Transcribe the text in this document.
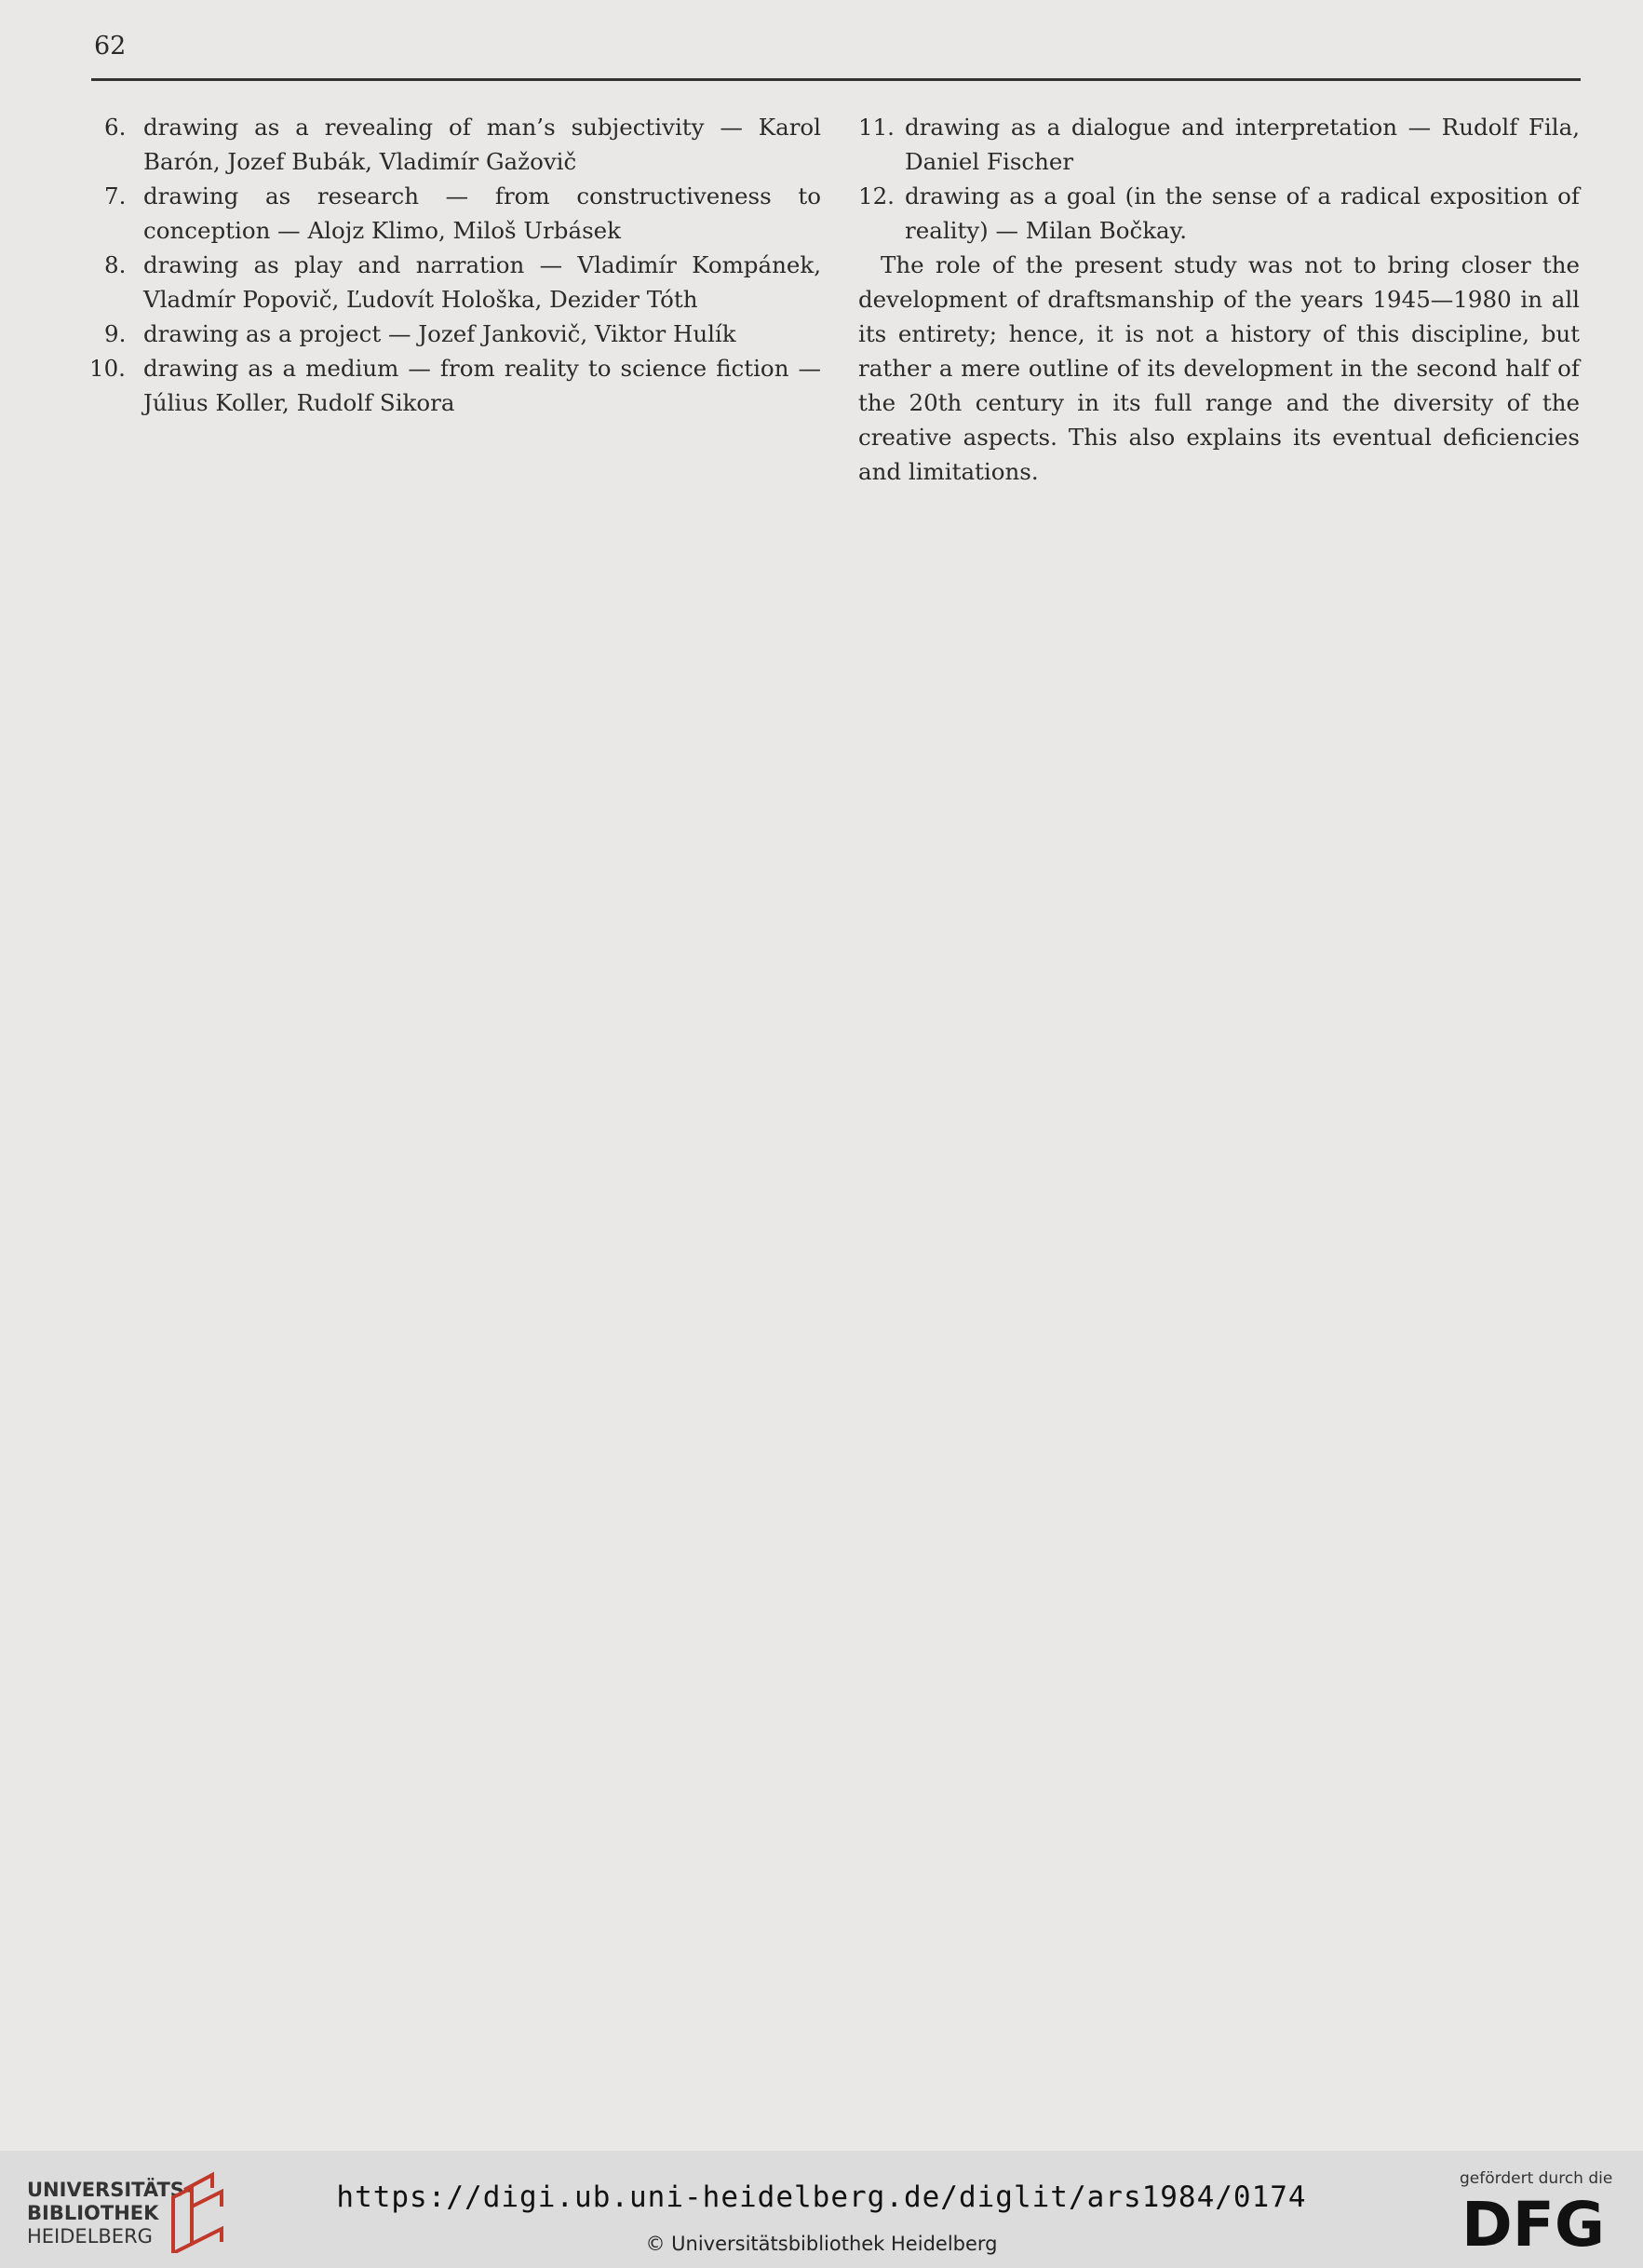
62
6. drawing as a revealing of man’s subjectivity — Karol Barón, Jozef Bubák, Vladimír Gažovič
7. drawing as research — from constructiveness to conception — Alojz Klimo, Miloš Urbásek
8. drawing as play and narration — Vladimír Kompánek, Vladmír Popovič, Ľudovít Hološka, Dezider Tóth
9. drawing as a project — Jozef Jankovič, Viktor Hulík
10. drawing as a medium — from reality to science fiction — Július Koller, Rudolf Sikora
11. drawing as a dialogue and interpretation — Rudolf Fila, Daniel Fischer
12. drawing as a goal (in the sense of a radical exposition of reality) — Milan Bočkay.

The role of the present study was not to bring closer the development of draftsmanship of the years 1945—1980 in all its entirety; hence, it is not a history of this discipline, but rather a mere outline of its development in the second half of the 20th century in its full range and the diversity of the creative aspects. This also explains its eventual deficiencies and limitations.

UNIVERSITÄTS-
BIBLIOTHEK
HEIDELBERG
https://digi.ub.uni-heidelberg.de/diglit/ars1984/0174
© Universitätsbibliothek Heidelberg
gefördert durch die
DFG
